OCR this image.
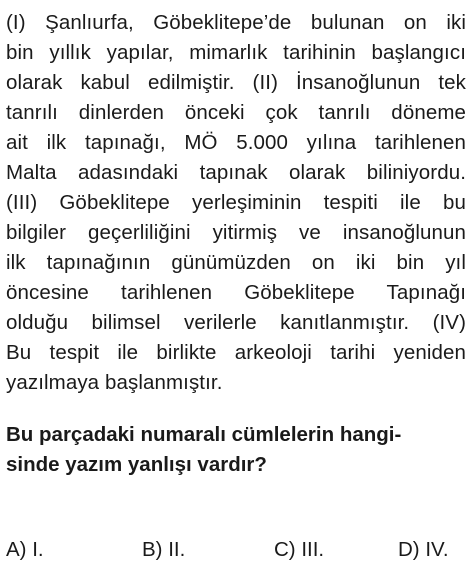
(I) Şanlıurfa, Göbeklitepe’de bulunan on iki
bin yıllık yapılar, mimarlık tarihinin başlangıcı
olarak kabul edilmiştir. (II) İnsanoğlunun tek
tanrılı dinlerden önceki çok tanrılı döneme
ait ilk tapınağı, MÖ 5.000 yılına tarihlenen
Malta adasındaki tapınak olarak biliniyordu.
(III) Göbeklitepe yerleşiminin tespiti ile bu
bilgiler geçerliliğini yitirmiş ve insanoğlunun
ilk tapınağının günümüzden on iki bin yıl
öncesine tarihlenen Göbeklitepe Tapınağı
olduğu bilimsel verilerle kanıtlanmıştır. (IV)
Bu tespit ile birlikte arkeoloji tarihi yeniden
yazılmaya başlanmıştır.
Bu parçadaki numaralı cümlelerin hangi-
sinde yazım yanlışı vardır?
A) I.	B) II.	C) III.	D) IV.
